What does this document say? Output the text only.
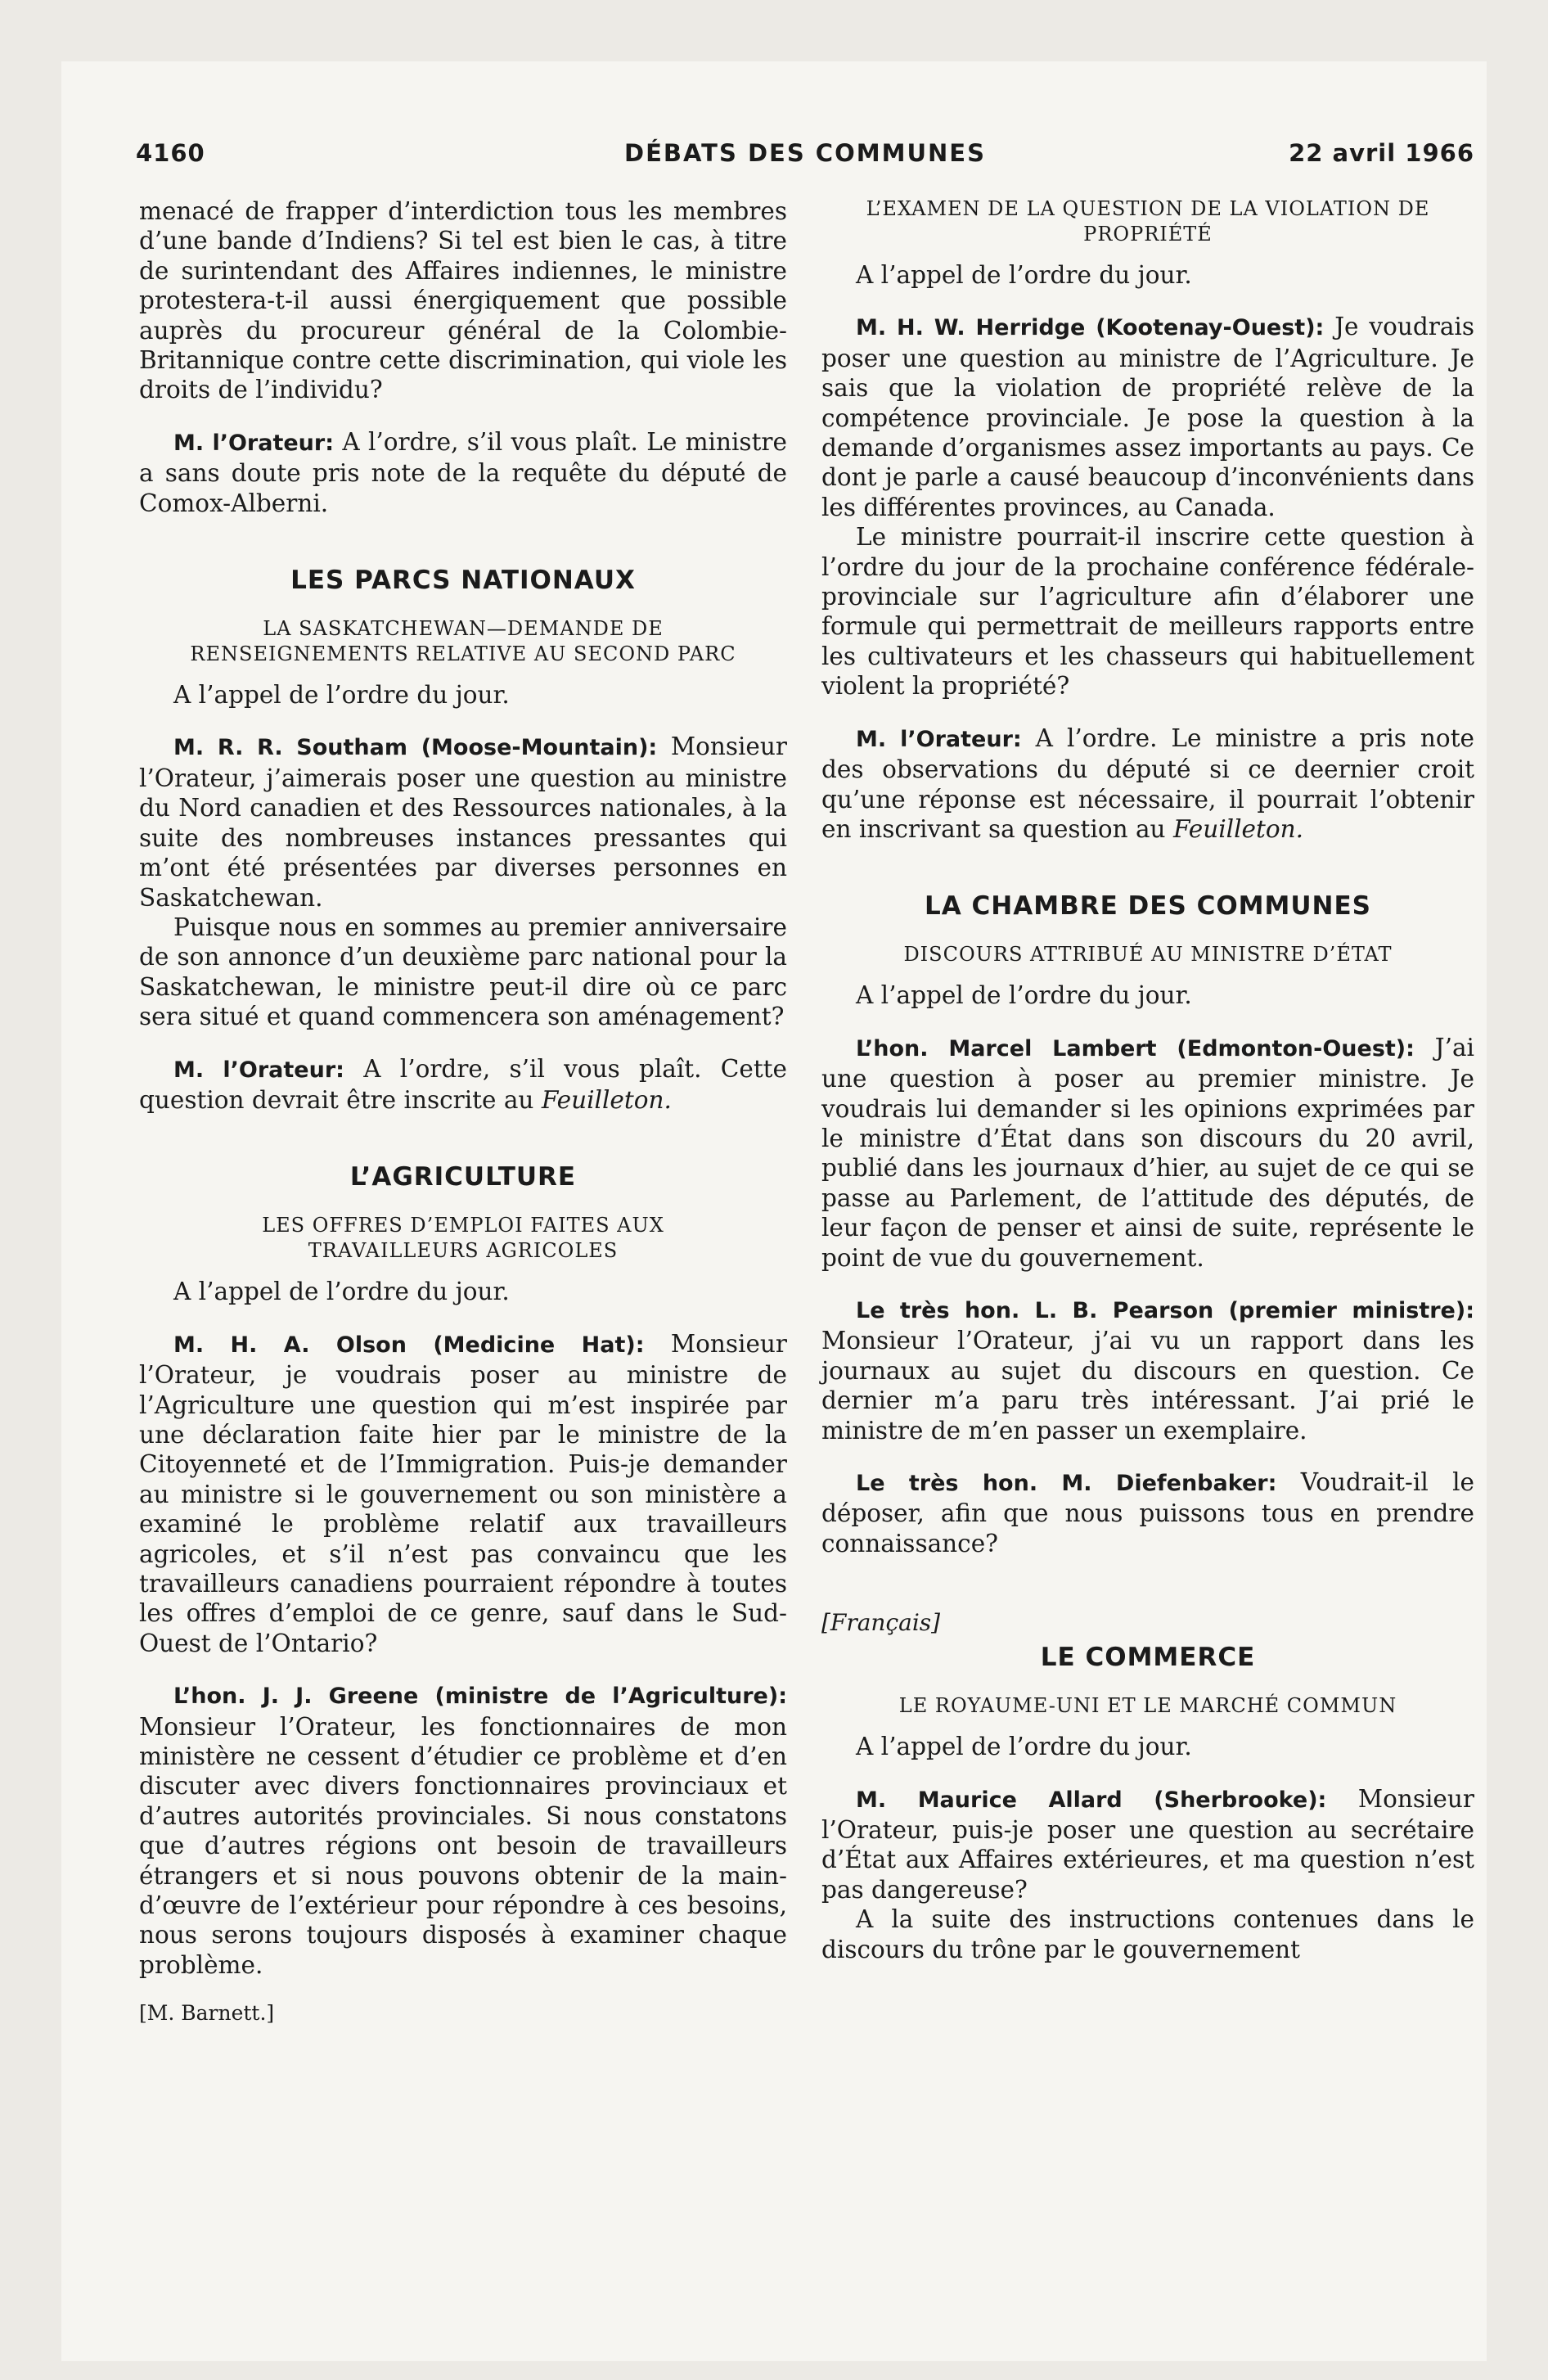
4160	DÉBATS DES COMMUNES	22 avril 1966

menacé de frapper d’interdiction tous les membres d’une bande d’Indiens? Si tel est bien le cas, à titre de surintendant des Affaires indiennes, le ministre protestera-t-il aussi énergiquement que possible auprès du procureur général de la Colombie-Britannique contre cette discrimination, qui viole les droits de l’individu?

M. l’Orateur: A l’ordre, s’il vous plaît. Le ministre a sans doute pris note de la requête du député de Comox-Alberni.

LES PARCS NATIONAUX
LA SASKATCHEWAN—DEMANDE DE RENSEIGNEMENTS RELATIVE AU SECOND PARC

A l’appel de l’ordre du jour.

M. R. R. Southam (Moose-Mountain): Monsieur l’Orateur, j’aimerais poser une question au ministre du Nord canadien et des Ressources nationales, à la suite des nombreuses instances pressantes qui m’ont été présentées par diverses personnes en Saskatchewan.

Puisque nous en sommes au premier anniversaire de son annonce d’un deuxième parc national pour la Saskatchewan, le ministre peut-il dire où ce parc sera situé et quand commencera son aménagement?

M. l’Orateur: A l’ordre, s’il vous plaît. Cette question devrait être inscrite au Feuilleton.

L’AGRICULTURE
LES OFFRES D’EMPLOI FAITES AUX TRAVAILLEURS AGRICOLES

A l’appel de l’ordre du jour.

M. H. A. Olson (Medicine Hat): Monsieur l’Orateur, je voudrais poser au ministre de l’Agriculture une question qui m’est inspirée par une déclaration faite hier par le ministre de la Citoyenneté et de l’Immigration. Puis-je demander au ministre si le gouvernement ou son ministère a examiné le problème relatif aux travailleurs agricoles, et s’il n’est pas convaincu que les travailleurs canadiens pourraient répondre à toutes les offres d’emploi de ce genre, sauf dans le Sud-Ouest de l’Ontario?

L’hon. J. J. Greene (ministre de l’Agriculture): Monsieur l’Orateur, les fonctionnaires de mon ministère ne cessent d’étudier ce problème et d’en discuter avec divers fonctionnaires provinciaux et d’autres autorités provinciales. Si nous constatons que d’autres régions ont besoin de travailleurs étrangers et si nous pouvons obtenir de la main-d’œuvre de l’extérieur pour répondre à ces besoins, nous serons toujours disposés à examiner chaque problème.

[M. Barnett.]
L’EXAMEN DE LA QUESTION DE LA VIOLATION DE PROPRIÉTÉ

A l’appel de l’ordre du jour.

M. H. W. Herridge (Kootenay-Ouest): Je voudrais poser une question au ministre de l’Agriculture. Je sais que la violation de propriété relève de la compétence provinciale. Je pose la question à la demande d’organismes assez importants au pays. Ce dont je parle a causé beaucoup d’inconvénients dans les différentes provinces, au Canada.

Le ministre pourrait-il inscrire cette question à l’ordre du jour de la prochaine conférence fédérale-provinciale sur l’agriculture afin d’élaborer une formule qui permettrait de meilleurs rapports entre les cultivateurs et les chasseurs qui habituellement violent la propriété?

M. l’Orateur: A l’ordre. Le ministre a pris note des observations du député si ce deernier croit qu’une réponse est nécessaire, il pourrait l’obtenir en inscrivant sa question au Feuilleton.

LA CHAMBRE DES COMMUNES
DISCOURS ATTRIBUÉ AU MINISTRE D’ÉTAT

A l’appel de l’ordre du jour.

L’hon. Marcel Lambert (Edmonton-Ouest): J’ai une question à poser au premier ministre. Je voudrais lui demander si les opinions exprimées par le ministre d’État dans son discours du 20 avril, publié dans les journaux d’hier, au sujet de ce qui se passe au Parlement, de l’attitude des députés, de leur façon de penser et ainsi de suite, représente le point de vue du gouvernement.

Le très hon. L. B. Pearson (premier ministre): Monsieur l’Orateur, j’ai vu un rapport dans les journaux au sujet du discours en question. Ce dernier m’a paru très intéressant. J’ai prié le ministre de m’en passer un exemplaire.

Le très hon. M. Diefenbaker: Voudrait-il le déposer, afin que nous puissons tous en prendre connaissance?

[Français]
LE COMMERCE
LE ROYAUME-UNI ET LE MARCHÉ COMMUN

A l’appel de l’ordre du jour.

M. Maurice Allard (Sherbrooke): Monsieur l’Orateur, puis-je poser une question au secrétaire d’État aux Affaires extérieures, et ma question n’est pas dangereuse?

A la suite des instructions contenues dans le discours du trône par le gouvernement
